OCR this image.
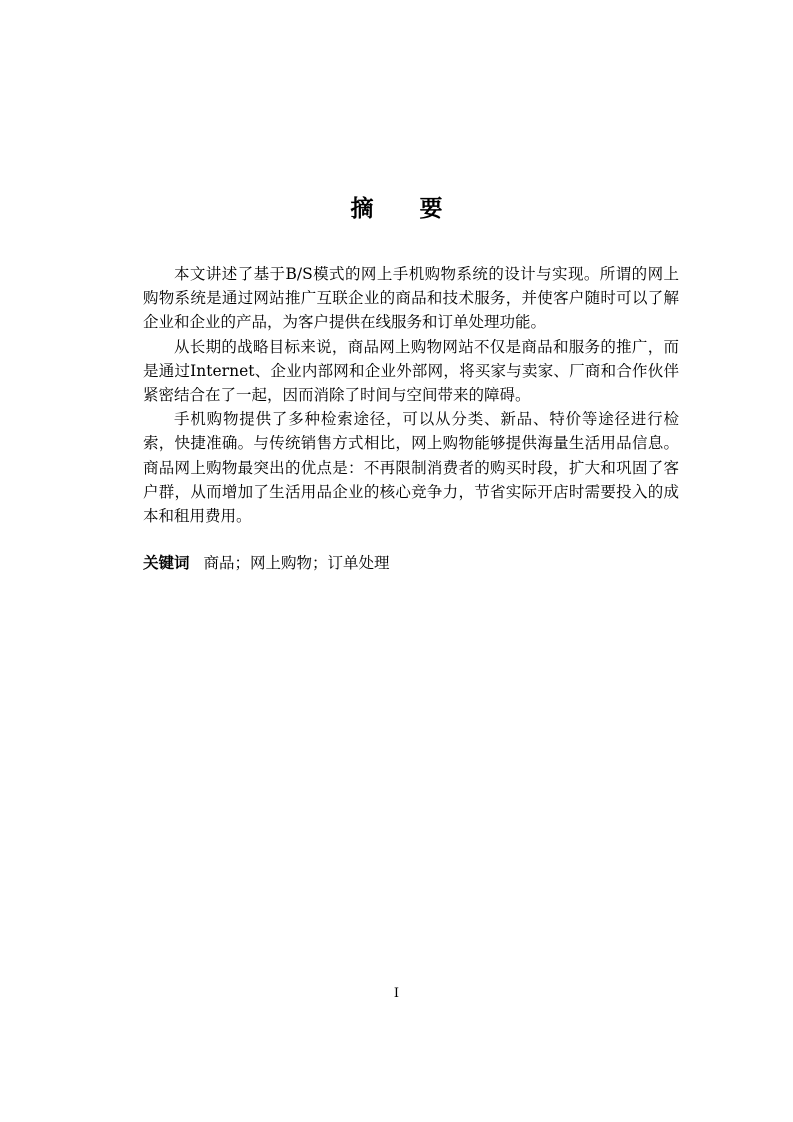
摘 要

本文讲述了基于B/S模式的网上手机购物系统的设计与实现。所谓的网上购物系统是通过网站推广互联企业的商品和技术服务，并使客户随时可以了解企业和企业的产品，为客户提供在线服务和订单处理功能。

从长期的战略目标来说，商品网上购物网站不仅是商品和服务的推广，而是通过Internet、企业内部网和企业外部网，将买家与卖家、厂商和合作伙伴紧密结合在了一起，因而消除了时间与空间带来的障碍。

手机购物提供了多种检索途径，可以从分类、新品、特价等途径进行检索，快捷准确。与传统销售方式相比，网上购物能够提供海量生活用品信息。商品网上购物最突出的优点是：不再限制消费者的购买时段，扩大和巩固了客户群，从而增加了生活用品企业的核心竞争力，节省实际开店时需要投入的成本和租用费用。

关键词 商品；网上购物；订单处理
I
